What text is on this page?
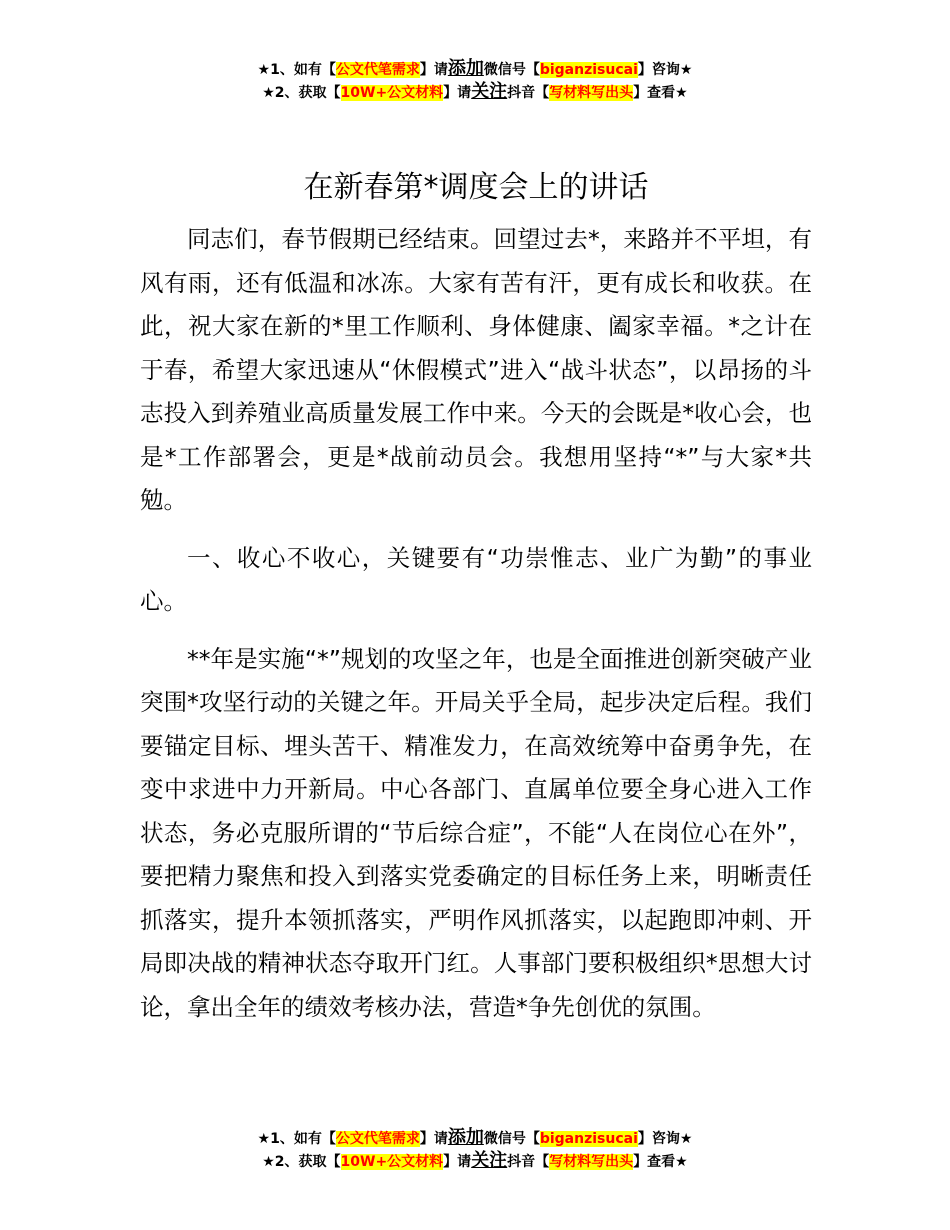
★1、如有【公文代笔需求】请添加微信号【biganzisucai】咨询★
★2、获取【10W+公文材料】请关注抖音【写材料写出头】查看★
在新春第*调度会上的讲话

同志们，春节假期已经结束。回望过去*，来路并不平坦，有风有雨，还有低温和冰冻。大家有苦有汗，更有成长和收获。在此，祝大家在新的*里工作顺利、身体健康、阖家幸福。*之计在于春，希望大家迅速从“休假模式”进入“战斗状态”，以昂扬的斗志投入到养殖业高质量发展工作中来。今天的会既是*收心会，也是*工作部署会，更是*战前动员会。我想用坚持“*”与大家*共勉。

一、收心不收心，关键要有“功崇惟志、业广为勤”的事业心。

**年是实施“*”规划的攻坚之年，也是全面推进创新突破产业突围*攻坚行动的关键之年。开局关乎全局，起步决定后程。我们要锚定目标、埋头苦干、精准发力，在高效统筹中奋勇争先，在变中求进中力开新局。中心各部门、直属单位要全身心进入工作状态，务必克服所谓的“节后综合症”，不能“人在岗位心在外”，要把精力聚焦和投入到落实党委确定的目标任务上来，明晰责任抓落实，提升本领抓落实，严明作风抓落实，以起跑即冲刺、开局即决战的精神状态夺取开门红。人事部门要积极组织*思想大讨论，拿出全年的绩效考核办法，营造*争先创优的氛围。

★1、如有【公文代笔需求】请添加微信号【biganzisucai】咨询★
★2、获取【10W+公文材料】请关注抖音【写材料写出头】查看★
